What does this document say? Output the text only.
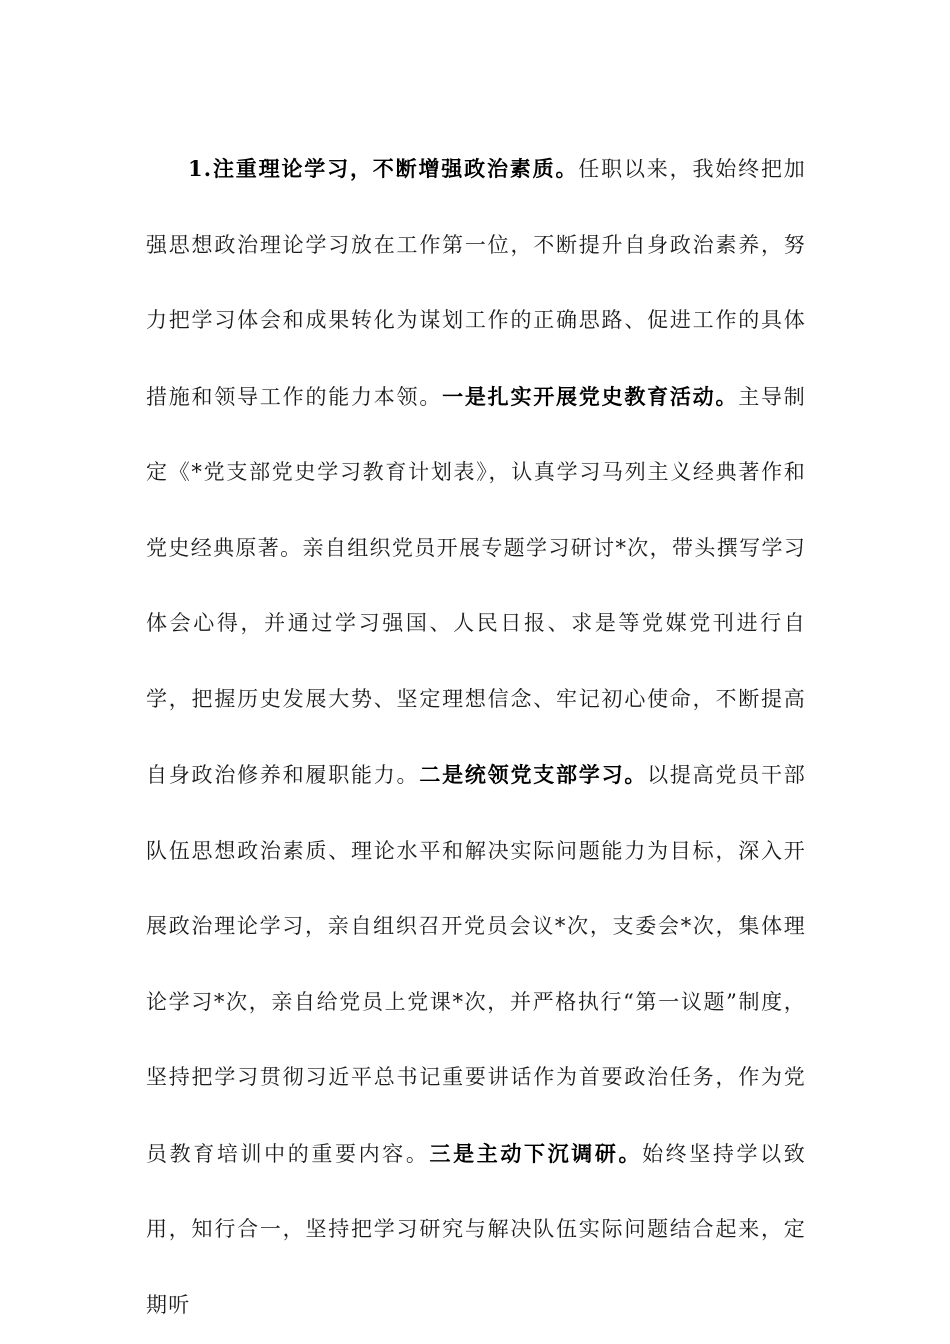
1.注重理论学习，不断增强政治素质。任职以来，我始终把加强思想政治理论学习放在工作第一位，不断提升自身政治素养，努力把学习体会和成果转化为谋划工作的正确思路、促进工作的具体措施和领导工作的能力本领。一是扎实开展党史教育活动。主导制定《*党支部党史学习教育计划表》，认真学习马列主义经典著作和党史经典原著。亲自组织党员开展专题学习研讨*次，带头撰写学习体会心得，并通过学习强国、人民日报、求是等党媒党刊进行自学，把握历史发展大势、坚定理想信念、牢记初心使命，不断提高自身政治修养和履职能力。二是统领党支部学习。以提高党员干部队伍思想政治素质、理论水平和解决实际问题能力为目标，深入开展政治理论学习，亲自组织召开党员会议*次，支委会*次，集体理论学习*次，亲自给党员上党课*次，并严格执行“第一议题”制度，坚持把学习贯彻习近平总书记重要讲话作为首要政治任务，作为党员教育培训中的重要内容。三是主动下沉调研。始终坚持学以致用，知行合一，坚持把学习研究与解决队伍实际问题结合起来，定期听
